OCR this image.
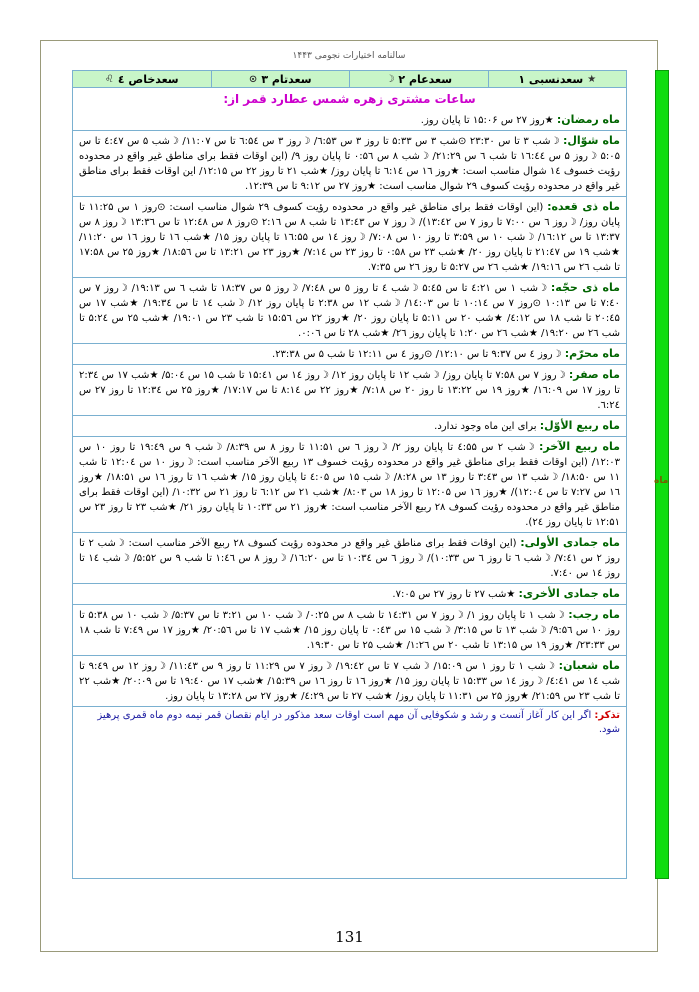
سالنامه اختیارات نجومی ۱۴۴۳
ماه
★
سعدنسبی ۱
سعدعام ۲
☽
سعدتام ۳
⊙
سعدخاص ٤
♌
ساعات مشتری زهره شمس عطارد قمر از:
ماه رمضان: ★روز ۲۷ س ۱۵:۰۶ تا پایان روز.
ماه شوّال: ☽شب ۳ تا س ۲۳:۳۰ ⊙شب ۳ س ۵:۳۳ تا روز ۳ س ٦:۵۳/ ☽روز ۳ س ٦:۵٤ تا س ۱۱:۰۷/ ☽شب ۵ س ٤:٤۷ تا س ۵:۰۵ ☽روز ۵ س ۱٦:٤٤ تا شب ٦ س ۲۱:۲۹/ ☽شب ۸ س ۰:۵٦ تا پایان روز ۹/ (این اوقات فقط برای مناطق غیر واقع در محدوده رؤیت خسوف ۱٤ شوال مناسب است: ★روز ۱٦ س ٦:۱٤ تا پایان روز/ ★شب ۲۱ تا روز ۲۲ س ۱۲:۱۵/ این اوقات فقط برای مناطق غیر واقع در محدوده رؤیت کسوف ۲۹ شوال مناسب است: ★روز ۲۷ س ۹:۱۲ تا س ۱۲:۳۹.
ماه ذی قعده: (این اوقات فقط برای مناطق غیر واقع در محدوده رؤیت کسوف ۲۹ شوال مناسب است: ⊙روز ۱ س ۱۱:۲۵ تا پایان روز/ ☽روز ٦ س ۷:۰۰ تا روز ۷ س ۱۳:٤۲)/ ☽روز ۷ س ۱۳:٤۳ تا شب ۸ س ۲:۱٦ ⊙روز ۸ س ۱۲:٤۸ تا س ۱۳:۳٦ ☽روز ۸ س ۱۳:۳۷ تا س ۱٦:۱۲/ ☽شب ۱۰ س ۳:۵۹ تا روز ۱۰ س ۷:۰۸/ ☽روز ۱٤ س ۱٦:۵۵ تا پایان روز ۱۵/ ★شب ۱٦ تا روز ۱٦ س ۱۱:۲۰/ ★شب ۱۹ س ۲۱:٤۷ تا پایان روز ۲۰/ ★شب ۲۳ س ۰:۵۸ تا روز ۲۳ س ۷:۱٤/ ★روز ۲۳ س ۱۳:۲۱ تا س ۱۸:۵٦/ ★روز ۲۵ س ۱۷:۵۸ تا شب ۲٦ س ۱۹:۱٦/ ★شب ۲٦ س ۵:۲۷ تا روز ۲٦ س ۷:۳۵.
ماه ذی حجّه: ☽شب ۱ س ٤:۲۱ تا س ۵:٤۵ ☽شب ٤ تا روز ٥ س ۷:٤۸/ ☽روز ۵ س ۱۸:۳۷ تا شب ٦ س ۱۹:۱۳/ ☽روز ۷ س ۷:٤۰ تا س ۱۰:۱۳ ⊙روز ۷ س ۱۰:۱٤ تا س ۱٤:۰۳/ ☽شب ۱۲ س ۲:۳۸ تا پایان روز ۱۲/ ☽شب ۱٤ تا س ۱۹:۳٤/ ★شب ۱۷ س ۲۰:٤۵ تا شب ۱۸ س ٤:۱۲/ ★شب ۲۰ س ۵:۱۱ تا پایان روز ۲۰/ ★روز ۲۲ س ۱۵:۵٦ تا شب ۲۳ س ۱۹:۰۱/ ★شب ۲۵ س ۵:۲٤ تا شب ۲٦ س ۱۹:۲۰/ ★شب ۲٦ س ۱:۲۰ تا پایان روز ۲٦/ ★شب ۲۸ تا س ۰:۰٦.
ماه محرّم: ☽روز ٤ س ۹:۳۷ تا س ۱۲:۱۰/ ⊙روز ٤ س ۱۲:۱۱ تا شب ۵ س ۲۳:۳۸.
ماه صفر: ☽روز ۷ س ۷:۵۸ تا پایان روز/ ☽شب ۱۲ تا پایان روز ۱۲/ ☽روز ۱٤ س ۱۵:٤۱ تا شب ۱۵ س ۵:۰٤/ ★شب ۱۷ س ۲:۳٤ تا روز ۱۷ س ۱٦:۰۹/ ★روز ۱۹ س ۱۳:۲۲ تا روز ۲۰ س ۷:۱۸/ ★روز ۲۲ س ۸:۱٤ تا س ۱۷:۱۷/ ★روز ۲۵ س ۱۲:۳٤ تا روز ۲۷ س ٦:۲٤.
ماه ربیع الأوّل: برای این ماه وجود ندارد.
ماه ربیع الآخر: ☽شب ۲ س ٤:۵۵ تا پایان روز ۲/ ☽روز ٦ س ۱۱:۵۱ تا روز ۸ س ۸:۳۹/ ☽شب ۹ س ۱۹:٤۹ تا روز ۱۰ س ۱۲:۰۳/ (این اوقات فقط برای مناطق غیر واقع در محدوده رؤیت خسوف ۱۳ ربیع الآخر مناسب است: ☽روز ۱۰ س ۱۲:۰٤ تا شب ۱۱ س ۱۸:۵۰/ ☽شب ۱۳ س ۳:٤۳ تا روز ۱۳ س ۸:۲۸/ ☽شب ۱۵ س ٤:۰۵ تا پایان روز ۱۵/ ★شب ۱٦ تا روز ۱٦ س ۱۸:۵۱/ ★روز ۱٦ س ۷:۲۷ تا س ۱۲:۰٤)/ ★روز ۱٦ س ۱۲:۰۵ تا روز ۱۸ س ۸:۰۳/ ★شب ۲۱ س ٦:۱۲ تا روز ۲۱ س ۱۰:۳۲/ (این اوقات فقط برای مناطق غیر واقع در محدوده رؤیت کسوف ۲۸ ربیع الآخر مناسب است: ★روز ۲۱ س ۱۰:۳۳ تا پایان روز ۲۱/ ★شب ۲۳ تا روز ۲۳ س ۱۲:۵۱ تا پایان روز ۲٤).
ماه جمادی الأولی: (این اوقات فقط برای مناطق غیر واقع در محدوده رؤیت کسوف ۲۸ ربیع الآخر مناسب است: ☽شب ۲ تا روز ۲ س ۷:٤۱/ ☽شب ٦ تا روز ٦ س ۱۰:۳۳)/ ☽روز ٦ س ۱۰:۳٤ تا س ۱٦:۲۰/ ☽روز ۸ س ۱:٤٦ تا شب ۹ س ۵:۵۲/ ☽شب ۱٤ تا روز ۱٤ س ۷:٤۰.
ماه جمادی الأخری: ★شب ۲۷ تا روز ۲۷ س ۷:۰۵.
ماه رجب: ☽شب ۱ تا پایان روز ۱/ ☽روز ۷ س ۱٤:۳۱ تا شب ۸ س ۰:۲۵/ ☽شب ۱۰ س ۳:۲۱ تا س ۵:۳۷/ ☽شب ۱۰ س ۵:۳۸ تا روز ۱۰ س ۹:۵٦/ ☽شب ۱۳ تا س ۳:۱۵/ ☽شب ۱۵ س ۰:٤۳ تا پایان روز ۱۵/ ★شب ۱۷ تا س ۲۰:۵٦/ ★روز ۱۷ س ۷:٤۹ تا شب ۱۸ س ۲۳:۳۳/ ★روز ۱۹ س ۱۳:۱۵ تا شب ۲۰ س ۱:۲٦/ ★شب ۲۵ تا س ۱۹:۳۰.
ماه شعبان: ☽شب ۱ تا روز ۱ س ۱۵:۰۹/ ☽شب ۷ تا س ۱۹:٤۲/ ☽روز ۷ س ۱۱:۲۹ تا روز ۹ س ۱۱:٤۳/ ☽روز ۱۲ س ۹:٤۹ تا شب ۱٤ س ٤:٤۱/ ☽روز ۱٤ س ۱۵:۳۳ تا پایان روز ۱۵/ ★روز ۱٦ تا روز ۱٦ س ۱۵:۳۹/ ★شب ۱۷ س ۱۹:٤۰ تا س ۲۰:۰۹/ ★شب ۲۲ تا شب ۲۳ س ۲۱:۵۹/ ★روز ۲۵ س ۱۱:۳۱ تا پایان روز/ ★شب ۲۷ تا س ٤:۲۹/ ★روز ۲۷ س ۱۳:۲۸ تا پایان روز.
تذکر: اگر این کار آغاز آنست و رشد و شکوفایی آن مهم است اوقات سعد مذکور در ایام نقصان قمر نیمه دوم ماه قمری پرهیز شود.
131
